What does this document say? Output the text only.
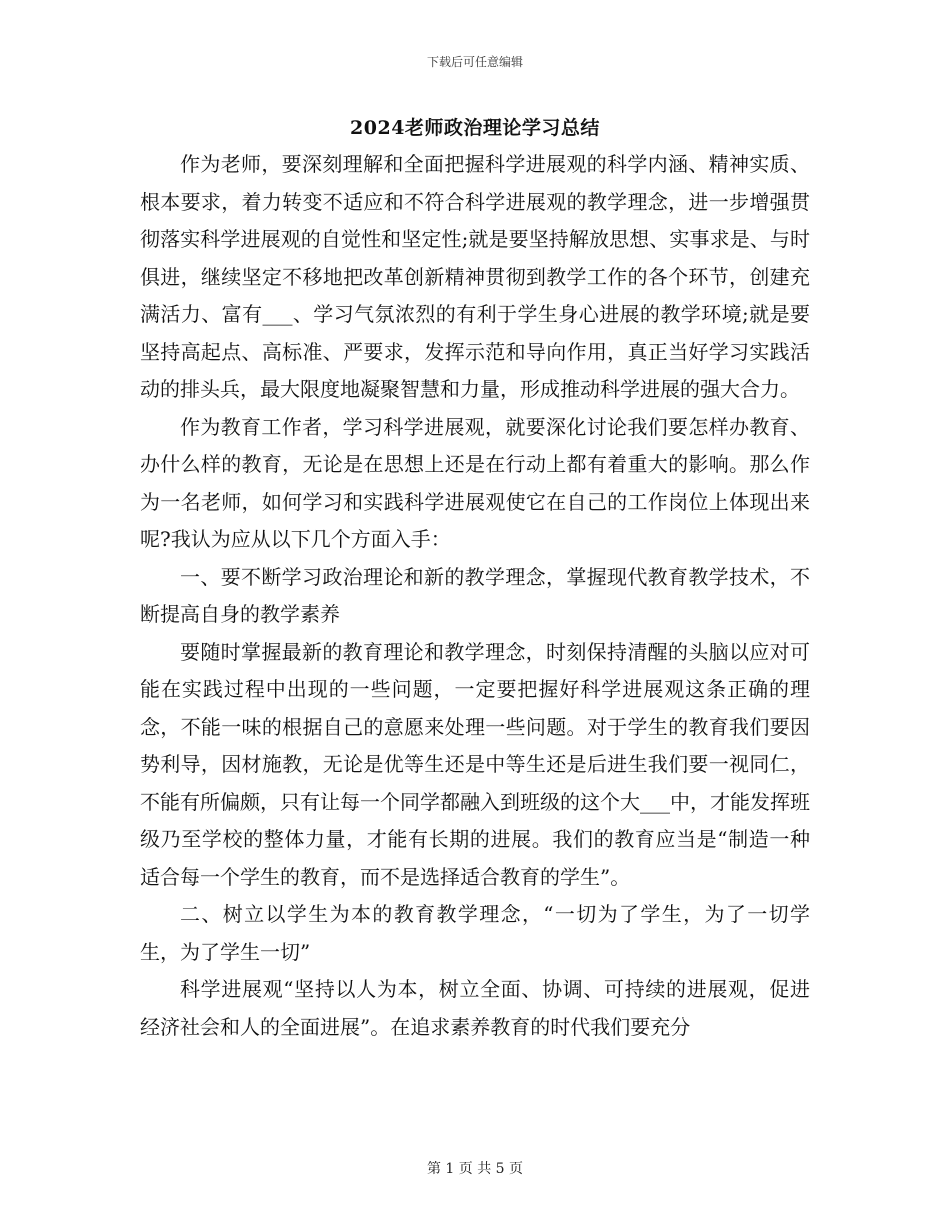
下载后可任意编辑
2024老师政治理论学习总结

作为老师，要深刻理解和全面把握科学进展观的科学内涵、精神实质、根本要求，着力转变不适应和不符合科学进展观的教学理念，进一步增强贯彻落实科学进展观的自觉性和坚定性;就是要坚持解放思想、实事求是、与时俱进，继续坚定不移地把改革创新精神贯彻到教学工作的各个环节，创建充满活力、富有___、学习气氛浓烈的有利于学生身心进展的教学环境;就是要坚持高起点、高标准、严要求，发挥示范和导向作用，真正当好学习实践活动的排头兵，最大限度地凝聚智慧和力量，形成推动科学进展的强大合力。

作为教育工作者，学习科学进展观，就要深化讨论我们要怎样办教育、办什么样的教育，无论是在思想上还是在行动上都有着重大的影响。那么作为一名老师，如何学习和实践科学进展观使它在自己的工作岗位上体现出来呢?我认为应从以下几个方面入手：

一、要不断学习政治理论和新的教学理念，掌握现代教育教学技术，不断提高自身的教学素养

要随时掌握最新的教育理论和教学理念，时刻保持清醒的头脑以应对可能在实践过程中出现的一些问题，一定要把握好科学进展观这条正确的理念，不能一味的根据自己的意愿来处理一些问题。对于学生的教育我们要因势利导，因材施教，无论是优等生还是中等生还是后进生我们要一视同仁，不能有所偏颇，只有让每一个同学都融入到班级的这个大___中，才能发挥班级乃至学校的整体力量，才能有长期的进展。我们的教育应当是“制造一种适合每一个学生的教育，而不是选择适合教育的学生”。

二、树立以学生为本的教育教学理念，“一切为了学生，为了一切学生，为了学生一切”

科学进展观“坚持以人为本，树立全面、协调、可持续的进展观，促进经济社会和人的全面进展”。在追求素养教育的时代我们要充分

第 1 页 共 5 页
